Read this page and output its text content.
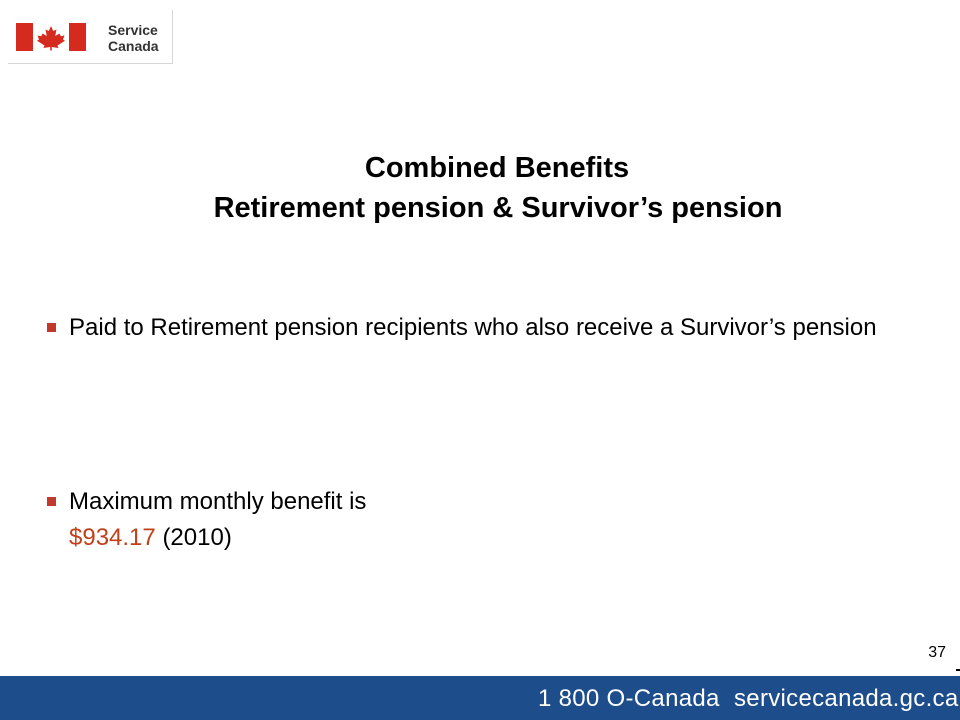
Service
Canada
Combined Benefits
Retirement pension & Survivor’s pension
Paid to Retirement pension recipients who also receive a Survivor’s pension
Maximum monthly benefit is
$934.17 (2010)
37
1 800 O-Canada servicecanada.gc.ca
